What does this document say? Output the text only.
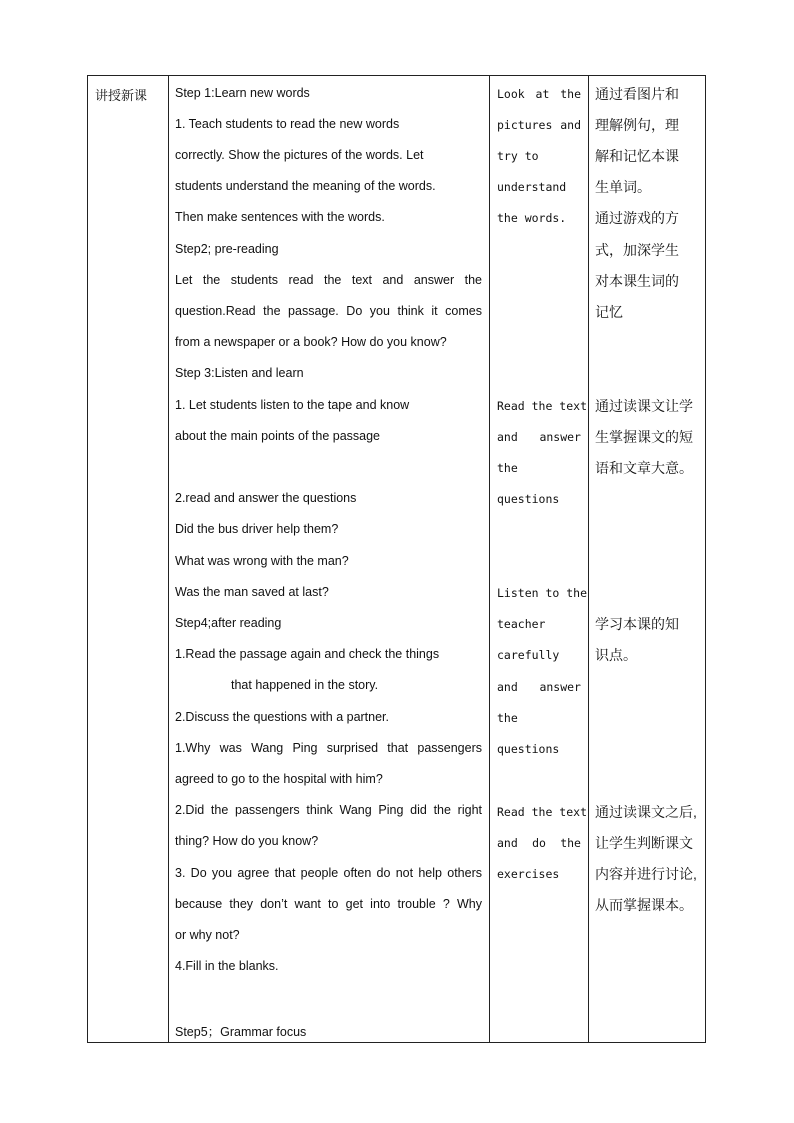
讲授新课 Step 1:Learn new words
1. Teach students to read the new words
correctly. Show the pictures of the words. Let
students understand the meaning of the words.
Then make sentences with the words.
Step2; pre-reading
Let the students read the text and answer the
question.Read the passage. Do you think it comes
from a newspaper or a book? How do you know?
Step 3:Listen and learn
1. Let students listen to the tape and know
about the main points of the passage
2.read and answer the questions
Did the bus driver help them?
What was wrong with the man?
Was the man saved at last?
Step4;after reading
1.Read the passage again and check the things
that happened in the story.
2.Discuss the questions with a partner.
1.Why was Wang Ping surprised that passengers
agreed to go to the hospital with him?
2.Did the passengers think Wang Ping did the right
thing? How do you know?
3. Do you agree that people often do not help others
because they don’t want to get into trouble ? Why
or why not?
4.Fill in the blanks.
Step5；Grammar focus
Look at the
pictures and
try to
understand
the words.
Read the text
and answer
the
questions
Listen to the
teacher
carefully
and answer
the
questions
Read the text
and do the
exercises
通过看图片和
理解例句，理
解和记忆本课
生单词。
通过游戏的方
式，加深学生
对本课生词的
记忆
通过读课文让学
生掌握课文的短
语和文章大意。
学习本课的知
识点。
通过读课文之后,
让学生判断课文
内容并进行讨论,
从而掌握课本。
